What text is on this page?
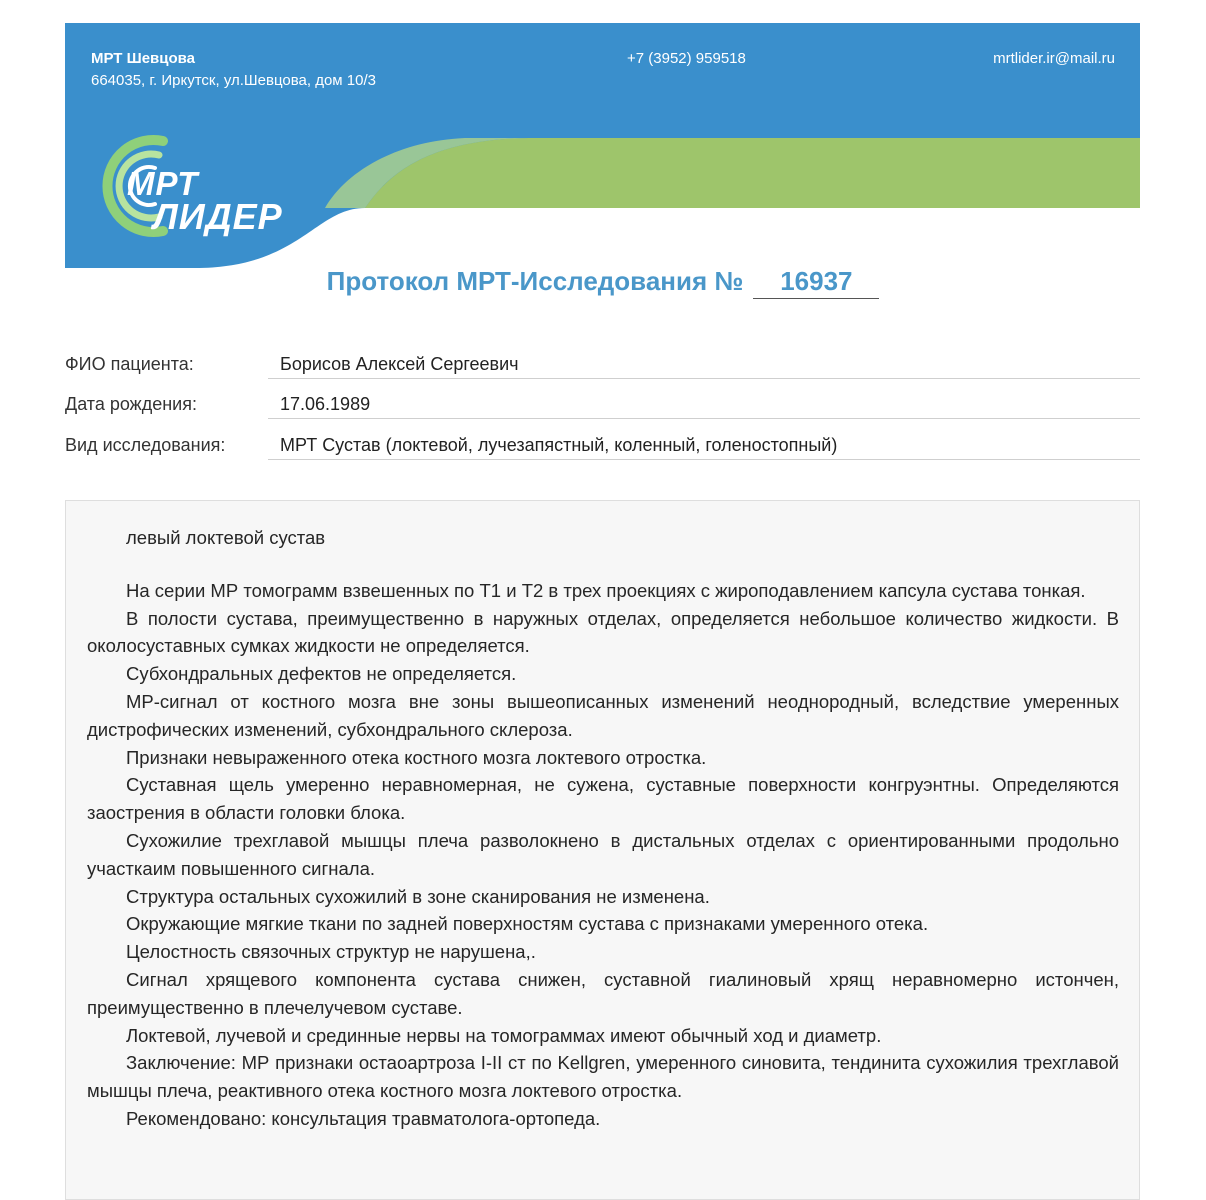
МРТ Шевцова
664035, г. Иркутск, ул.Шевцова, дом 10/3
+7 (3952) 959518	mrtlider.ir@mail.ru
МРТ
ЛИДЕР
Протокол МРТ-Исследования № 16937
ФИО пациента:	Борисов Алексей Сергеевич
Дата рождения:	17.06.1989
Вид исследования:	МРТ Сустав (локтевой, лучезапястный, коленный, голеностопный)

левый локтевой сустав

На серии МР томограмм взвешенных по Т1 и Т2 в трех проекциях с жироподавлением капсула сустава тонкая.

В полости сустава, преимущественно в наружных отделах, определяется небольшое количество жидкости. В околосуставных сумках жидкости не определяется.

Субхондральных дефектов не определяется.

МР-сигнал от костного мозга вне зоны вышеописанных изменений неоднородный, вследствие умеренных дистрофических изменений, субхондрального склероза.

Признаки невыраженного отека костного мозга локтевого отростка.

Суставная щель умеренно неравномерная, не сужена, суставные поверхности конгруэнтны. Определяются заострения в области головки блока.

Сухожилие трехглавой мышцы плеча разволокнено в дистальных отделах с ориентированными продольно участкаим повышенного сигнала.

Структура остальных сухожилий в зоне сканирования не изменена.

Окружающие мягкие ткани по задней поверхностям сустава с признаками умеренного отека.

Целостность связочных структур не нарушена,.

Сигнал хрящевого компонента сустава снижен, суставной гиалиновый хрящ неравномерно истончен, преимущественно в плечелучевом суставе.

Локтевой, лучевой и срединные нервы на томограммах имеют обычный ход и диаметр.

Заключение: МР признаки остаоартроза I-II ст по Kellgren, умеренного синовита, тендинита сухожилия трехглавой мышцы плеча, реактивного отека костного мозга локтевого отростка.

Рекомендовано: консультация травматолога-ортопеда.
